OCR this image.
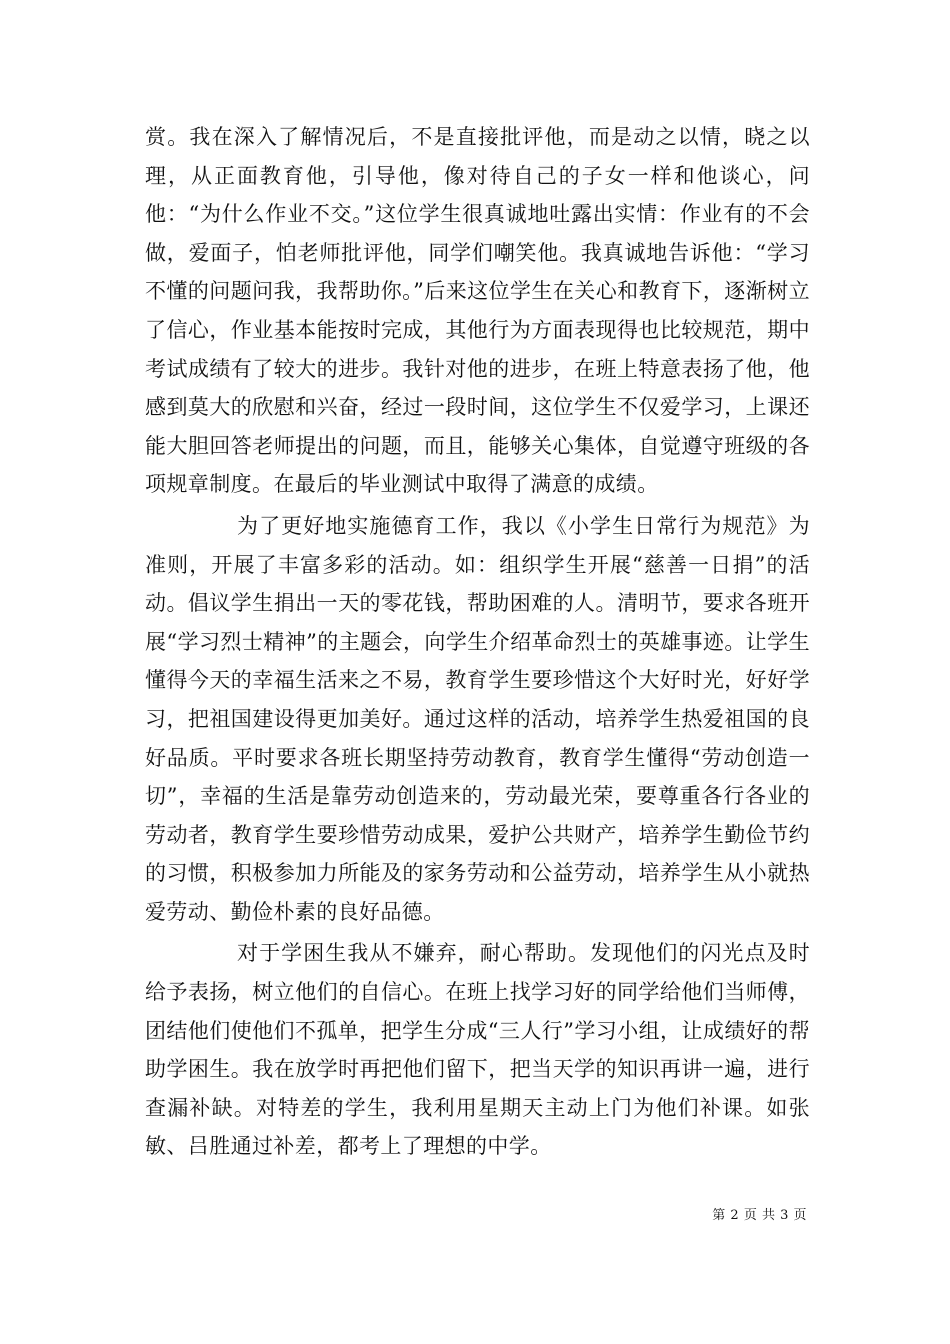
赏。我在深入了解情况后，不是直接批评他，而是动之以情，晓之以理，从正面教育他，引导他，像对待自己的子女一样和他谈心，问他：“为什么作业不交。”这位学生很真诚地吐露出实情：作业有的不会做，爱面子，怕老师批评他，同学们嘲笑他。我真诚地告诉他：“学习不懂的问题问我，我帮助你。”后来这位学生在关心和教育下，逐渐树立了信心，作业基本能按时完成，其他行为方面表现得也比较规范，期中考试成绩有了较大的进步。我针对他的进步，在班上特意表扬了他，他感到莫大的欣慰和兴奋，经过一段时间，这位学生不仅爱学习，上课还能大胆回答老师提出的问题，而且，能够关心集体，自觉遵守班级的各项规章制度。在最后的毕业测试中取得了满意的成绩。

为了更好地实施德育工作，我以《小学生日常行为规范》为准则，开展了丰富多彩的活动。如：组织学生开展“慈善一日捐”的活动。倡议学生捐出一天的零花钱，帮助困难的人。清明节，要求各班开展“学习烈士精神”的主题会，向学生介绍革命烈士的英雄事迹。让学生懂得今天的幸福生活来之不易，教育学生要珍惜这个大好时光，好好学习，把祖国建设得更加美好。通过这样的活动，培养学生热爱祖国的良好品质。平时要求各班长期坚持劳动教育，教育学生懂得“劳动创造一切”，幸福的生活是靠劳动创造来的，劳动最光荣，要尊重各行各业的劳动者，教育学生要珍惜劳动成果，爱护公共财产，培养学生勤俭节约的习惯，积极参加力所能及的家务劳动和公益劳动，培养学生从小就热爱劳动、勤俭朴素的良好品德。

对于学困生我从不嫌弃，耐心帮助。发现他们的闪光点及时给予表扬，树立他们的自信心。在班上找学习好的同学给他们当师傅，团结他们使他们不孤单，把学生分成“三人行”学习小组，让成绩好的帮助学困生。我在放学时再把他们留下，把当天学的知识再讲一遍，进行查漏补缺。对特差的学生，我利用星期天主动上门为他们补课。如张敏、吕胜通过补差，都考上了理想的中学。

第 2 页 共 3 页
